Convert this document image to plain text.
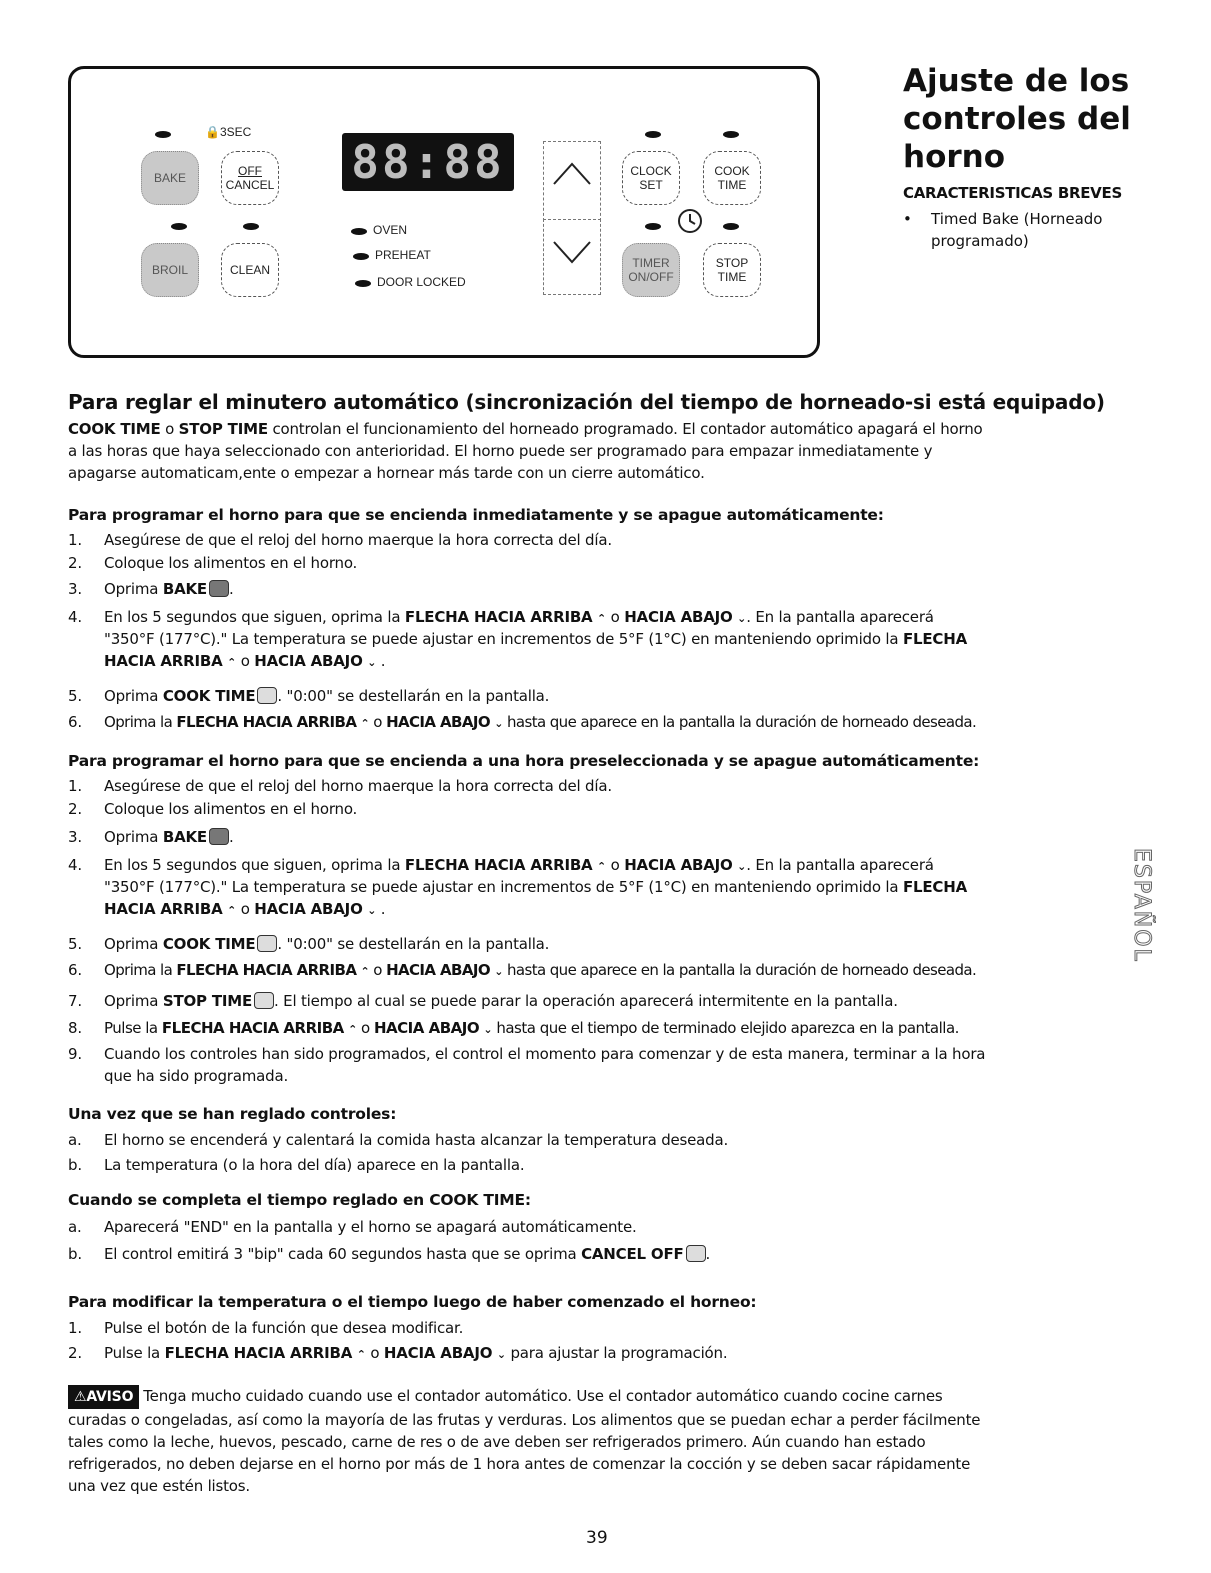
🔒3SEC
BAKE	OFF
CANCEL
BROIL	CLEAN
88:88
OVEN
PREHEAT
DOOR LOCKED
CLOCK
SET
COOK
TIME
TIMER
ON/OFF
STOP
TIME
Ajuste de los
controles del
horno
CARACTERISTICAS BREVES
• Timed Bake (Horneado programado)
Para reglar el minutero automático (sincronización del tiempo de horneado-si está equipado)
COOK TIME o STOP TIME controlan el funcionamiento del horneado programado. El contador automático apagará el horno
a las horas que haya seleccionado con anterioridad. El horno puede ser programado para empazar inmediatamente y
apagarse automaticam,ente o empezar a hornear más tarde con un cierre automático.
Para programar el horno para que se encienda inmediatamente y se apague automáticamente:
1. Asegúrese de que el reloj del horno maerque la hora correcta del día.
2. Coloque los alimentos en el horno.
3. Oprima BAKE .
4. En los 5 segundos que siguen, oprima la FLECHA HACIA ARRIBA ⌃ o HACIA ABAJO ⌄. En la pantalla aparecerá
"350°F (177°C)." La temperatura se puede ajustar en incrementos de 5°F (1°C) en manteniendo oprimido la FLECHA
HACIA ARRIBA ⌃ o HACIA ABAJO ⌄ .
5. Oprima COOK TIME . "0:00" se destellarán en la pantalla.
6. Oprima la FLECHA HACIA ARRIBA ⌃ o HACIA ABAJO ⌄ hasta que aparece en la pantalla la duración de horneado deseada.
Para programar el horno para que se encienda a una hora preseleccionada y se apague automáticamente:
1. Asegúrese de que el reloj del horno maerque la hora correcta del día.
2. Coloque los alimentos en el horno.
3. Oprima BAKE .
4. En los 5 segundos que siguen, oprima la FLECHA HACIA ARRIBA ⌃ o HACIA ABAJO ⌄. En la pantalla aparecerá
"350°F (177°C)." La temperatura se puede ajustar en incrementos de 5°F (1°C) en manteniendo oprimido la FLECHA
HACIA ARRIBA ⌃ o HACIA ABAJO ⌄ .
5. Oprima COOK TIME . "0:00" se destellarán en la pantalla.
6. Oprima la FLECHA HACIA ARRIBA ⌃ o HACIA ABAJO ⌄ hasta que aparece en la pantalla la duración de horneado deseada.
7. Oprima STOP TIME . El tiempo al cual se puede parar la operación aparecerá intermitente en la pantalla.
8. Pulse la FLECHA HACIA ARRIBA ⌃ o HACIA ABAJO ⌄ hasta que el tiempo de terminado elejido aparezca en la pantalla.
9. Cuando los controles han sido programados, el control el momento para comenzar y de esta manera, terminar a la hora
que ha sido programada.
Una vez que se han reglado controles:
a. El horno se encenderá y calentará la comida hasta alcanzar la temperatura deseada.
b. La temperatura (o la hora del día) aparece en la pantalla.
Cuando se completa el tiempo reglado en COOK TIME:
a. Aparecerá "END" en la pantalla y el horno se apagará automáticamente.
b. El control emitirá 3 "bip" cada 60 segundos hasta que se oprima CANCEL OFF .
Para modificar la temperatura o el tiempo luego de haber comenzado el horneo:
1. Pulse el botón de la función que desea modificar.
2. Pulse la FLECHA HACIA ARRIBA ⌃ o HACIA ABAJO ⌄ para ajustar la programación.
⚠AVISO Tenga mucho cuidado cuando use el contador automático. Use el contador automático cuando cocine carnes
curadas o congeladas, así como la mayoría de las frutas y verduras. Los alimentos que se puedan echar a perder fácilmente
tales como la leche, huevos, pescado, carne de res o de ave deben ser refrigerados primero. Aún cuando han estado
refrigerados, no deben dejarse en el horno por más de 1 hora antes de comenzar la cocción y se deben sacar rápidamente
una vez que estén listos.
ESPAÑOL
39
